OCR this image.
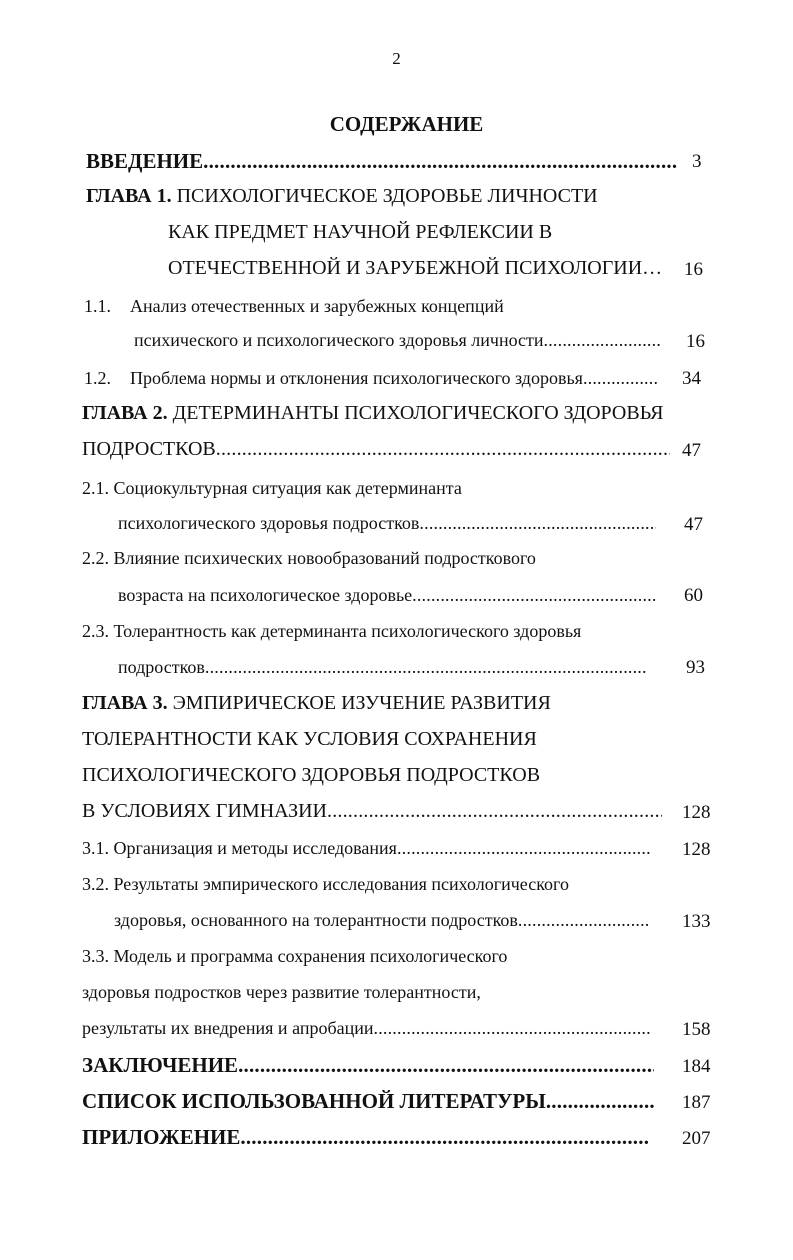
2
СОДЕРЖАНИЕ
ВВЕДЕНИЕ .....	3
ГЛАВА 1. ПСИХОЛОГИЧЕСКОЕ ЗДОРОВЬЕ ЛИЧНОСТИ
КАК ПРЕДМЕТ НАУЧНОЙ РЕФЛЕКСИИ В
ОТЕЧЕСТВЕННОЙ И ЗАРУБЕЖНОЙ ПСИХОЛОГИИ… 16
1.1. Анализ отечественных и зарубежных концепций
психического и психологического здоровья личности .....	16
1.2. Проблема нормы и отклонения психологического здоровья .....	34
ГЛАВА 2. ДЕТЕРМИНАНТЫ ПСИХОЛОГИЧЕСКОГО ЗДОРОВЬЯ
ПОДРОСТКОВ .....	47
2.1. Социокультурная ситуация как детерминанта
психологического здоровья подростков .....	47
2.2. Влияние психических новообразований подросткового
возраста на психологическое здоровье .....	60
2.3. Толерантность как детерминанта психологического здоровья
подростков .....	93
ГЛАВА 3. ЭМПИРИЧЕСКОЕ ИЗУЧЕНИЕ РАЗВИТИЯ
ТОЛЕРАНТНОСТИ КАК УСЛОВИЯ СОХРАНЕНИЯ
ПСИХОЛОГИЧЕСКОГО ЗДОРОВЬЯ ПОДРОСТКОВ
В УСЛОВИЯХ ГИМНАЗИИ .....	128
3.1. Организация и методы исследования .....	128
3.2. Результаты эмпирического исследования психологического
здоровья, основанного на толерантности подростков .....	133
3.3. Модель и программа сохранения психологического
здоровья подростков через развитие толерантности,
результаты их внедрения и апробации .....	158
ЗАКЛЮЧЕНИЕ .....	184
СПИСОК ИСПОЛЬЗОВАННОЙ ЛИТЕРАТУРЫ .....	187
ПРИЛОЖЕНИЕ .....	207
